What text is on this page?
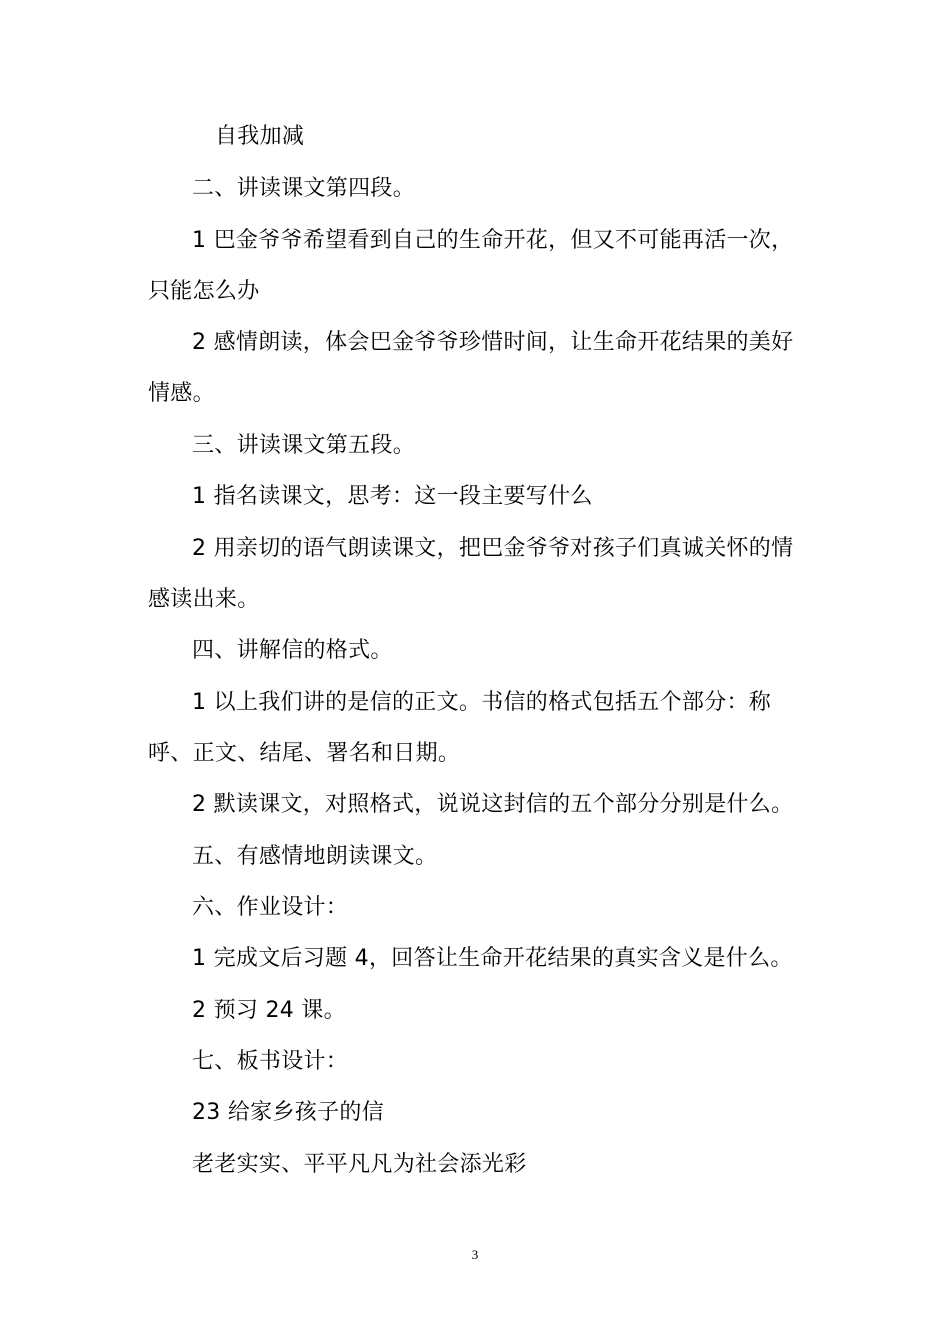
自我加减
二、讲读课文第四段。
1 巴金爷爷希望看到自己的生命开花，但又不可能再活一次，
只能怎么办
2 感情朗读，体会巴金爷爷珍惜时间，让生命开花结果的美好
情感。
三、讲读课文第五段。
1 指名读课文，思考：这一段主要写什么
2 用亲切的语气朗读课文，把巴金爷爷对孩子们真诚关怀的情
感读出来。
四、讲解信的格式。
1 以上我们讲的是信的正文。书信的格式包括五个部分：称
呼、正文、结尾、署名和日期。
2 默读课文，对照格式，说说这封信的五个部分分别是什么。
五、有感情地朗读课文。
六、作业设计：
1 完成文后习题 4，回答让生命开花结果的真实含义是什么。
2 预习 24 课。
七、板书设计：
23 给家乡孩子的信
老老实实、平平凡凡为社会添光彩
3
